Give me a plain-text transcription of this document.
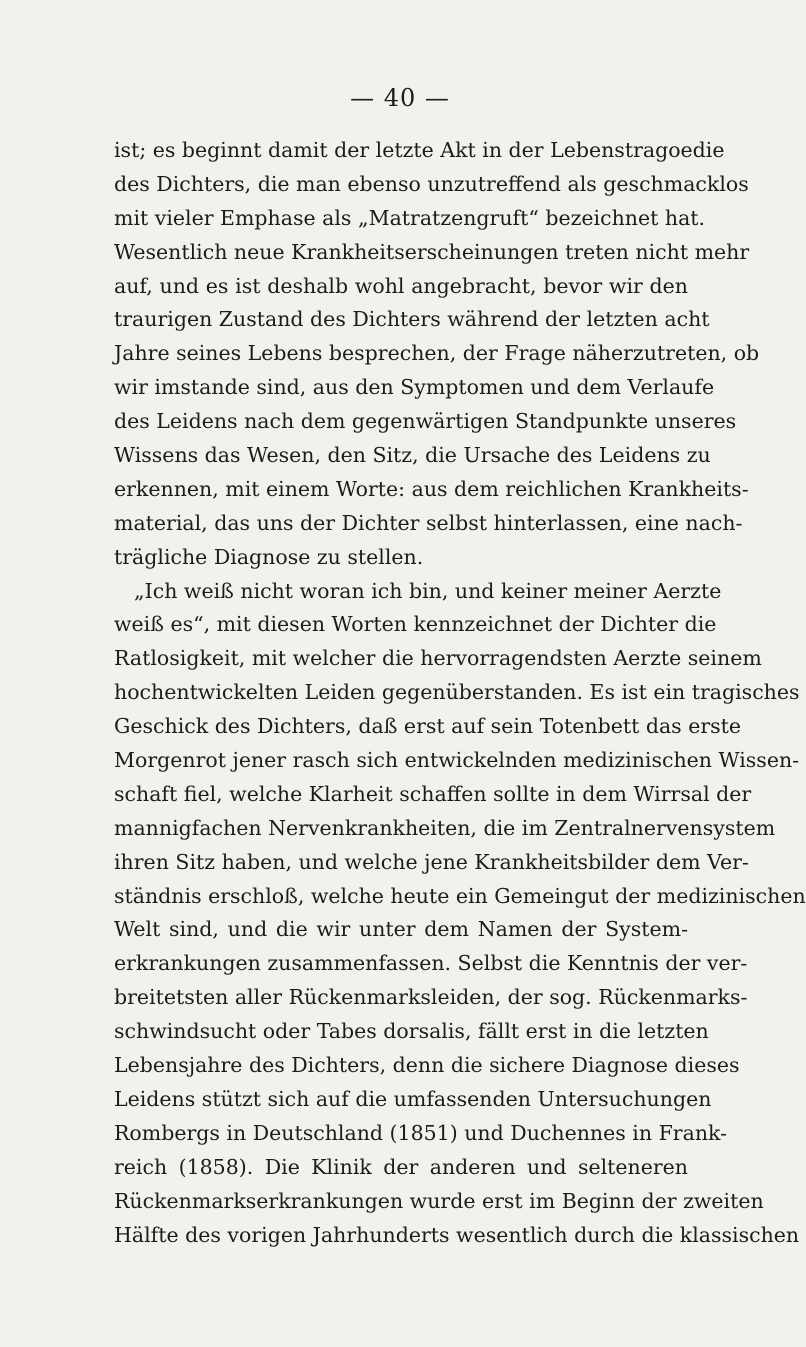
— 40 —
ist; es beginnt damit der letzte Akt in der Lebenstragoedie
des Dichters, die man ebenso unzutreffend als geschmacklos
mit vieler Emphase als „Matratzengruft“ bezeichnet hat.
Wesentlich neue Krankheitserscheinungen treten nicht mehr
auf, und es ist deshalb wohl angebracht, bevor wir den
traurigen Zustand des Dichters während der letzten acht
Jahre seines Lebens besprechen, der Frage näherzutreten, ob
wir imstande sind, aus den Symptomen und dem Verlaufe
des Leidens nach dem gegenwärtigen Standpunkte unseres
Wissens das Wesen, den Sitz, die Ursache des Leidens zu
erkennen, mit einem Worte: aus dem reichlichen Krankheits-
material, das uns der Dichter selbst hinterlassen, eine nach-
trägliche Diagnose zu stellen.
„Ich weiß nicht woran ich bin, und keiner meiner Aerzte
weiß es“, mit diesen Worten kennzeichnet der Dichter die
Ratlosigkeit, mit welcher die hervorragendsten Aerzte seinem
hochentwickelten Leiden gegenüberstanden. Es ist ein tragisches
Geschick des Dichters, daß erst auf sein Totenbett das erste
Morgenrot jener rasch sich entwickelnden medizinischen Wissen-
schaft fiel, welche Klarheit schaffen sollte in dem Wirrsal der
mannigfachen Nervenkrankheiten, die im Zentralnervensystem
ihren Sitz haben, und welche jene Krankheitsbilder dem Ver-
ständnis erschloß, welche heute ein Gemeingut der medizinischen
Welt sind, und die wir unter dem Namen der System-
erkrankungen zusammenfassen. Selbst die Kenntnis der ver-
breitetsten aller Rückenmarksleiden, der sog. Rückenmarks-
schwindsucht oder Tabes dorsalis, fällt erst in die letzten
Lebensjahre des Dichters, denn die sichere Diagnose dieses
Leidens stützt sich auf die umfassenden Untersuchungen
Rombergs in Deutschland (1851) und Duchennes in Frank-
reich (1858). Die Klinik der anderen und selteneren
Rückenmarkserkrankungen wurde erst im Beginn der zweiten
Hälfte des vorigen Jahrhunderts wesentlich durch die klassischen
